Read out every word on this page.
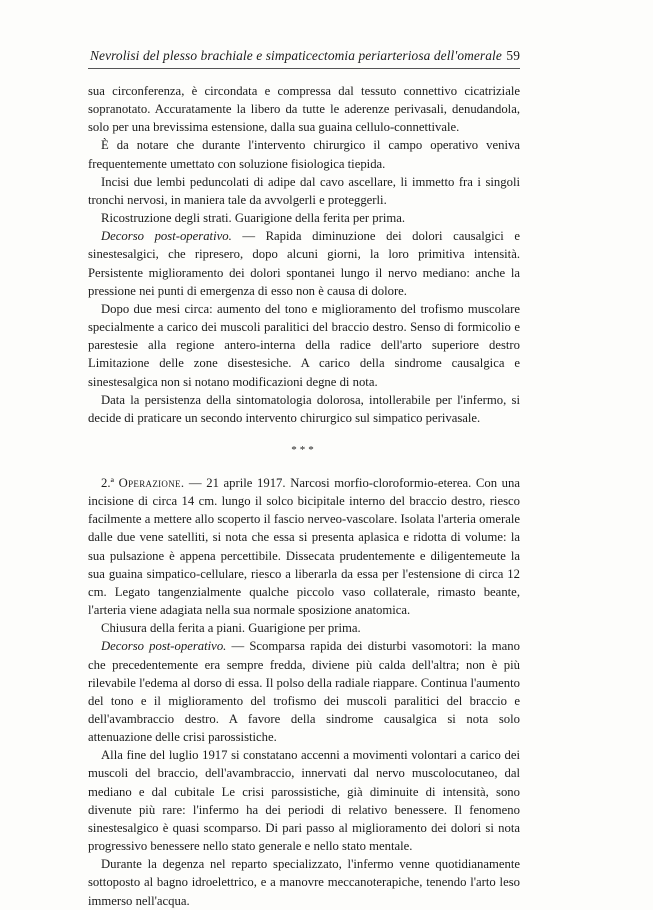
Nevrolisi del plesso brachiale e simpaticectomia periarteriosa dell'omerale 59

sua circonferenza, è circondata e compressa dal tessuto connettivo cicatriziale sopranotato. Accuratamente la libero da tutte le aderenze perivasali, denudandola, solo per una brevissima estensione, dalla sua guaina cellulo-connettivale.

È da notare che durante l'intervento chirurgico il campo operativo veniva frequentemente umettato con soluzione fisiologica tiepida.

Incisi due lembi peduncolati di adipe dal cavo ascellare, li immetto fra i singoli tronchi nervosi, in maniera tale da avvolgerli e proteggerli.

Ricostruzione degli strati. Guarigione della ferita per prima.

Decorso post-operativo. — Rapida diminuzione dei dolori causalgici e sinestesalgici, che ripresero, dopo alcuni giorni, la loro primitiva intensità. Persistente miglioramento dei dolori spontanei lungo il nervo mediano: anche la pressione nei punti di emergenza di esso non è causa di dolore.

Dopo due mesi circa: aumento del tono e miglioramento del trofismo muscolare specialmente a carico dei muscoli paralitici del braccio destro. Senso di formicolio e parestesie alla regione antero-interna della radice dell'arto superiore destro Limitazione delle zone disestesiche. A carico della sindrome causalgica e sinestesalgica non si notano modificazioni degne di nota.

Data la persistenza della sintomatologia dolorosa, intollerabile per l'infermo, si decide di praticare un secondo intervento chirurgico sul simpatico perivasale.

***

2.ª Operazione. — 21 aprile 1917. Narcosi morfio-cloroformio-eterea. Con una incisione di circa 14 cm. lungo il solco bicipitale interno del braccio destro, riesco facilmente a mettere allo scoperto il fascio nerveo-vascolare. Isolata l'arteria omerale dalle due vene satelliti, si nota che essa si presenta aplasica e ridotta di volume: la sua pulsazione è appena percettibile. Dissecata prudentemente e diligentemeute la sua guaina simpatico-cellulare, riesco a liberarla da essa per l'estensione di circa 12 cm. Legato tangenzialmente qualche piccolo vaso collaterale, rimasto beante, l'arteria viene adagiata nella sua normale sposizione anatomica.

Chiusura della ferita a piani. Guarigione per prima.

Decorso post-operativo. — Scomparsa rapida dei disturbi vasomotori: la mano che precedentemente era sempre fredda, diviene più calda dell'altra; non è più rilevabile l'edema al dorso di essa. Il polso della radiale riappare. Continua l'aumento del tono e il miglioramento del trofismo dei muscoli paralitici del braccio e dell'avambraccio destro. A favore della sindrome causalgica si nota solo attenuazione delle crisi parossistiche.

Alla fine del luglio 1917 si constatano accenni a movimenti volontari a carico dei muscoli del braccio, dell'avambraccio, innervati dal nervo muscolocutaneo, dal mediano e dal cubitale Le crisi parossistiche, già diminuite di intensità, sono divenute più rare: l'infermo ha dei periodi di relativo benessere. Il fenomeno sinestesalgico è quasi scomparso. Di pari passo al miglioramento dei dolori si nota progressivo benessere nello stato generale e nello stato mentale.

Durante la degenza nel reparto specializzato, l'infermo venne quotidianamente sottoposto al bagno idroelettrico, e a manovre meccanoterapiche, tenendo l'arto leso immerso nell'acqua.
